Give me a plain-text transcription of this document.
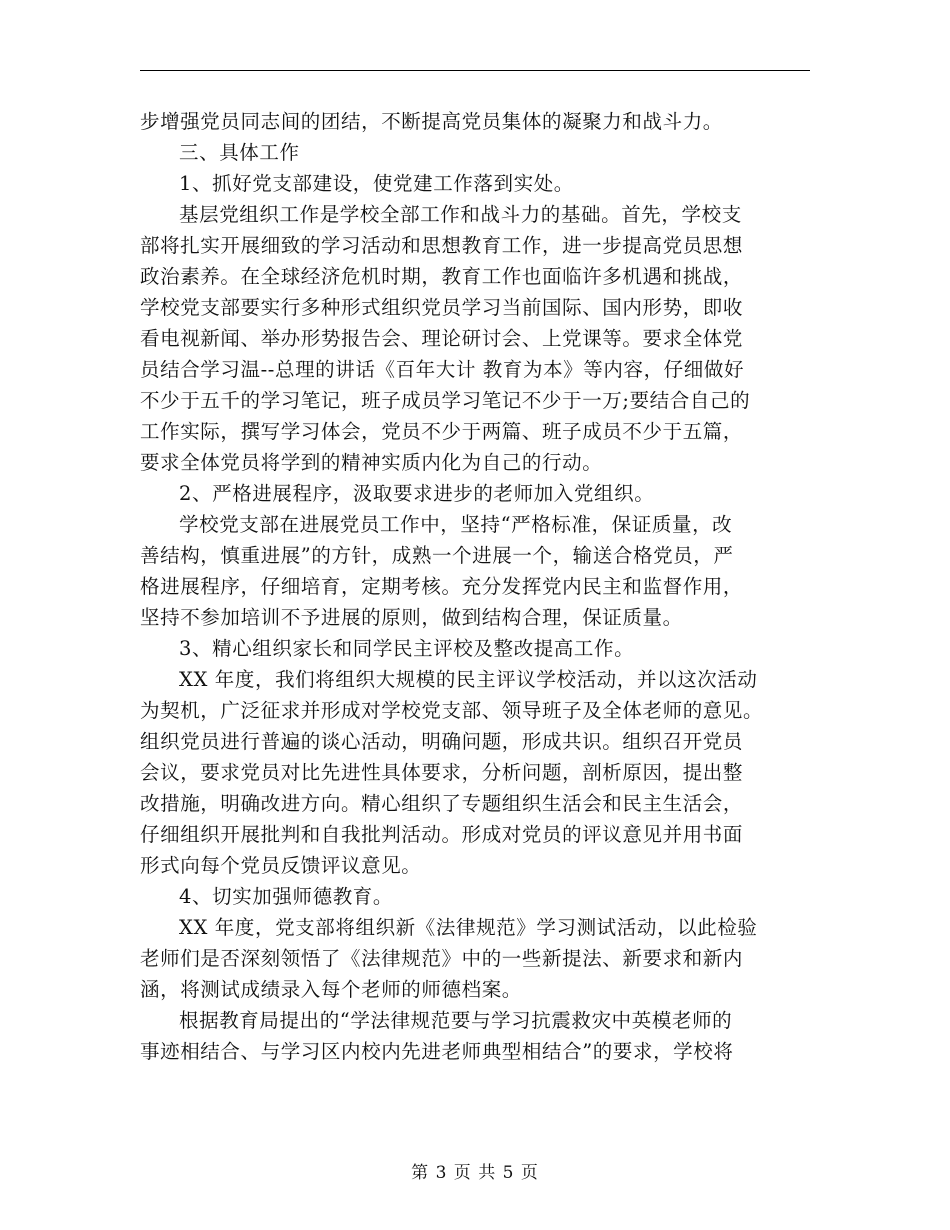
步增强党员同志间的团结，不断提高党员集体的凝聚力和战斗力。
三、具体工作
1、抓好党支部建设，使党建工作落到实处。
基层党组织工作是学校全部工作和战斗力的基础。首先，学校支
部将扎实开展细致的学习活动和思想教育工作，进一步提高党员思想
政治素养。在全球经济危机时期，教育工作也面临许多机遇和挑战，
学校党支部要实行多种形式组织党员学习当前国际、国内形势，即收
看电视新闻、举办形势报告会、理论研讨会、上党课等。要求全体党
员结合学习温--总理的讲话《百年大计 教育为本》等内容，仔细做好
不少于五千的学习笔记，班子成员学习笔记不少于一万;要结合自己的
工作实际，撰写学习体会，党员不少于两篇、班子成员不少于五篇，
要求全体党员将学到的精神实质内化为自己的行动。
2、严格进展程序，汲取要求进步的老师加入党组织。
学校党支部在进展党员工作中，坚持“严格标准，保证质量，改
善结构，慎重进展”的方针，成熟一个进展一个，输送合格党员，严
格进展程序，仔细培育，定期考核。充分发挥党内民主和监督作用，
坚持不参加培训不予进展的原则，做到结构合理，保证质量。
3、精心组织家长和同学民主评校及整改提高工作。
XX 年度，我们将组织大规模的民主评议学校活动，并以这次活动
为契机，广泛征求并形成对学校党支部、领导班子及全体老师的意见。
组织党员进行普遍的谈心活动，明确问题，形成共识。组织召开党员
会议，要求党员对比先进性具体要求，分析问题，剖析原因，提出整
改措施，明确改进方向。精心组织了专题组织生活会和民主生活会，
仔细组织开展批判和自我批判活动。形成对党员的评议意见并用书面
形式向每个党员反馈评议意见。
4、切实加强师德教育。
XX 年度，党支部将组织新《法律规范》学习测试活动，以此检验
老师们是否深刻领悟了《法律规范》中的一些新提法、新要求和新内
涵，将测试成绩录入每个老师的师德档案。
根据教育局提出的“学法律规范要与学习抗震救灾中英模老师的
事迹相结合、与学习区内校内先进老师典型相结合”的要求，学校将
第 3 页 共 5 页
